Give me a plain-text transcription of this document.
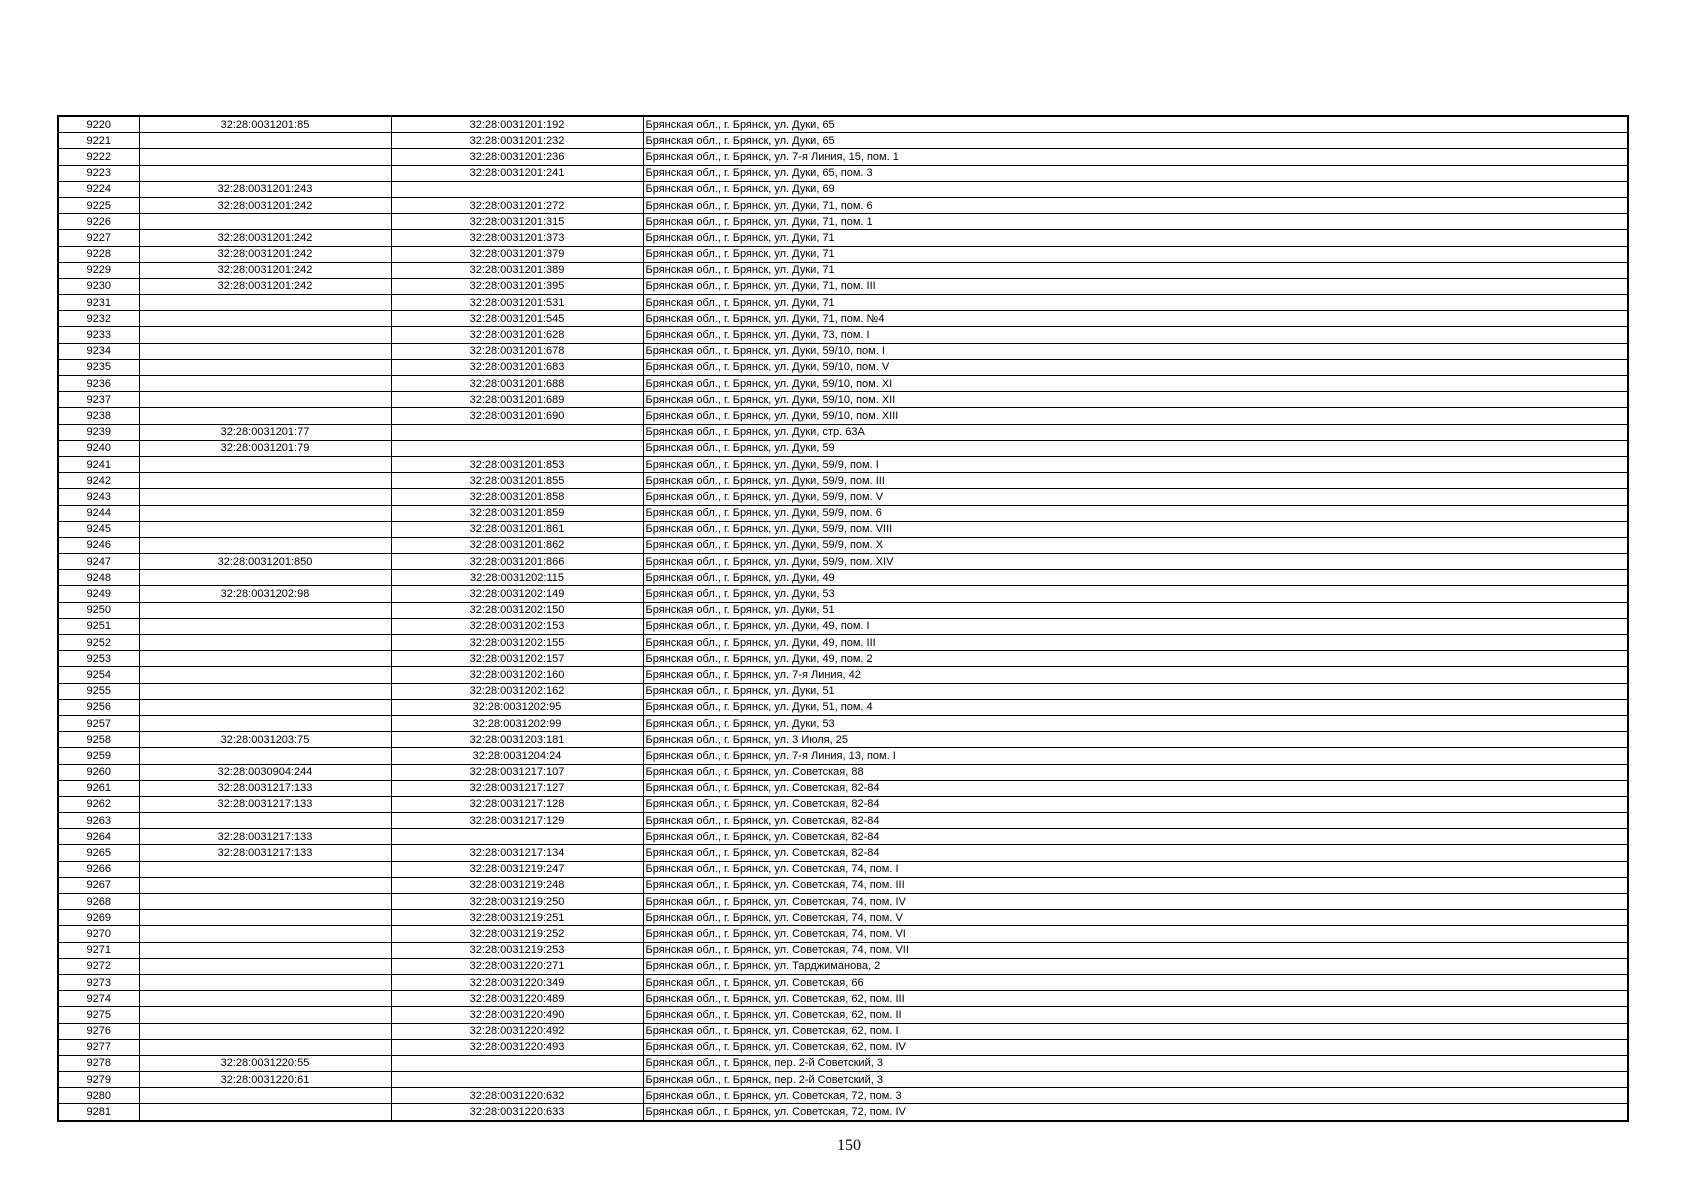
9220	32:28:0031201:85	32:28:0031201:192	Брянская обл., г. Брянск, ул. Дуки, 65
9221		32:28:0031201:232	Брянская обл., г. Брянск, ул. Дуки, 65
9222		32:28:0031201:236	Брянская обл., г. Брянск, ул. 7-я Линия, 15, пом. 1
9223		32:28:0031201:241	Брянская обл., г. Брянск, ул. Дуки, 65, пом. 3
9224	32:28:0031201:243		Брянская обл., г. Брянск, ул. Дуки, 69
9225	32:28:0031201:242	32:28:0031201:272	Брянская обл., г. Брянск, ул. Дуки, 71, пом. 6
9226		32:28:0031201:315	Брянская обл., г. Брянск, ул. Дуки, 71, пом. 1
9227	32:28:0031201:242	32:28:0031201:373	Брянская обл., г. Брянск, ул. Дуки, 71
9228	32:28:0031201:242	32:28:0031201:379	Брянская обл., г. Брянск, ул. Дуки, 71
9229	32:28:0031201:242	32:28:0031201:389	Брянская обл., г. Брянск, ул. Дуки, 71
9230	32:28:0031201:242	32:28:0031201:395	Брянская обл., г. Брянск, ул. Дуки, 71, пом. III
9231		32:28:0031201:531	Брянская обл., г. Брянск, ул. Дуки, 71
9232		32:28:0031201:545	Брянская обл., г. Брянск, ул. Дуки, 71, пом. №4
9233		32:28:0031201:628	Брянская обл., г. Брянск, ул. Дуки, 73, пом. I
9234		32:28:0031201:678	Брянская обл., г. Брянск, ул. Дуки, 59/10, пом. I
9235		32:28:0031201:683	Брянская обл., г. Брянск, ул. Дуки, 59/10, пом. V
9236		32:28:0031201:688	Брянская обл., г. Брянск, ул. Дуки, 59/10, пом. XI
9237		32:28:0031201:689	Брянская обл., г. Брянск, ул. Дуки, 59/10, пом. XII
9238		32:28:0031201:690	Брянская обл., г. Брянск, ул. Дуки, 59/10, пом. XIII
9239	32:28:0031201:77		Брянская обл., г. Брянск, ул. Дуки, стр. 63А
9240	32:28:0031201:79		Брянская обл., г. Брянск, ул. Дуки, 59
9241		32:28:0031201:853	Брянская обл., г. Брянск, ул. Дуки, 59/9, пом. I
9242		32:28:0031201:855	Брянская обл., г. Брянск, ул. Дуки, 59/9, пом. III
9243		32:28:0031201:858	Брянская обл., г. Брянск, ул. Дуки, 59/9, пом. V
9244		32:28:0031201:859	Брянская обл., г. Брянск, ул. Дуки, 59/9, пом. 6
9245		32:28:0031201:861	Брянская обл., г. Брянск, ул. Дуки, 59/9, пом. VIII
9246		32:28:0031201:862	Брянская обл., г. Брянск, ул. Дуки, 59/9, пом. X
9247	32:28:0031201:850	32:28:0031201:866	Брянская обл., г. Брянск, ул. Дуки, 59/9, пом. XIV
9248		32:28:0031202:115	Брянская обл., г. Брянск, ул. Дуки, 49
9249	32:28:0031202:98	32:28:0031202:149	Брянская обл., г. Брянск, ул. Дуки, 53
9250		32:28:0031202:150	Брянская обл., г. Брянск, ул. Дуки, 51
9251		32:28:0031202:153	Брянская обл., г. Брянск, ул. Дуки, 49, пом. I
9252		32:28:0031202:155	Брянская обл., г. Брянск, ул. Дуки, 49, пом. III
9253		32:28:0031202:157	Брянская обл., г. Брянск, ул. Дуки, 49, пом. 2
9254		32:28:0031202:160	Брянская обл., г. Брянск, ул. 7-я Линия, 42
9255		32:28:0031202:162	Брянская обл., г. Брянск, ул. Дуки, 51
9256		32:28:0031202:95	Брянская обл., г. Брянск, ул. Дуки, 51, пом. 4
9257		32:28:0031202:99	Брянская обл., г. Брянск, ул. Дуки, 53
9258	32:28:0031203:75	32:28:0031203:181	Брянская обл., г. Брянск, ул. 3 Июля, 25
9259		32:28:0031204:24	Брянская обл., г. Брянск, ул. 7-я Линия, 13, пом. I
9260	32:28:0030904:244	32:28:0031217:107	Брянская обл., г. Брянск, ул. Советская, 88
9261	32:28:0031217:133	32:28:0031217:127	Брянская обл., г. Брянск, ул. Советская, 82-84
9262	32:28:0031217:133	32:28:0031217:128	Брянская обл., г. Брянск, ул. Советская, 82-84
9263		32:28:0031217:129	Брянская обл., г. Брянск, ул. Советская, 82-84
9264	32:28:0031217:133		Брянская обл., г. Брянск, ул. Советская, 82-84
9265	32:28:0031217:133	32:28:0031217:134	Брянская обл., г. Брянск, ул. Советская, 82-84
9266		32:28:0031219:247	Брянская обл., г. Брянск, ул. Советская, 74, пом. I
9267		32:28:0031219:248	Брянская обл., г. Брянск, ул. Советская, 74, пом. III
9268		32:28:0031219:250	Брянская обл., г. Брянск, ул. Советская, 74, пом. IV
9269		32:28:0031219:251	Брянская обл., г. Брянск, ул. Советская, 74, пом. V
9270		32:28:0031219:252	Брянская обл., г. Брянск, ул. Советская, 74, пом. VI
9271		32:28:0031219:253	Брянская обл., г. Брянск, ул. Советская, 74, пом. VII
9272		32:28:0031220:271	Брянская обл., г. Брянск, ул. Тарджиманова, 2
9273		32:28:0031220:349	Брянская обл., г. Брянск, ул. Советская, 66
9274		32:28:0031220:489	Брянская обл., г. Брянск, ул. Советская, 62, пом. III
9275		32:28:0031220:490	Брянская обл., г. Брянск, ул. Советская, 62, пом. II
9276		32:28:0031220:492	Брянская обл., г. Брянск, ул. Советская, 62, пом. I
9277		32:28:0031220:493	Брянская обл., г. Брянск, ул. Советская, 62, пом. IV
9278	32:28:0031220:55		Брянская обл., г. Брянск, пер. 2-й Советский, 3
9279	32:28:0031220:61		Брянская обл., г. Брянск, пер. 2-й Советский, 3
9280		32:28:0031220:632	Брянская обл., г. Брянск, ул. Советская, 72, пом. 3
9281		32:28:0031220:633	Брянская обл., г. Брянск, ул. Советская, 72, пом. IV
150
